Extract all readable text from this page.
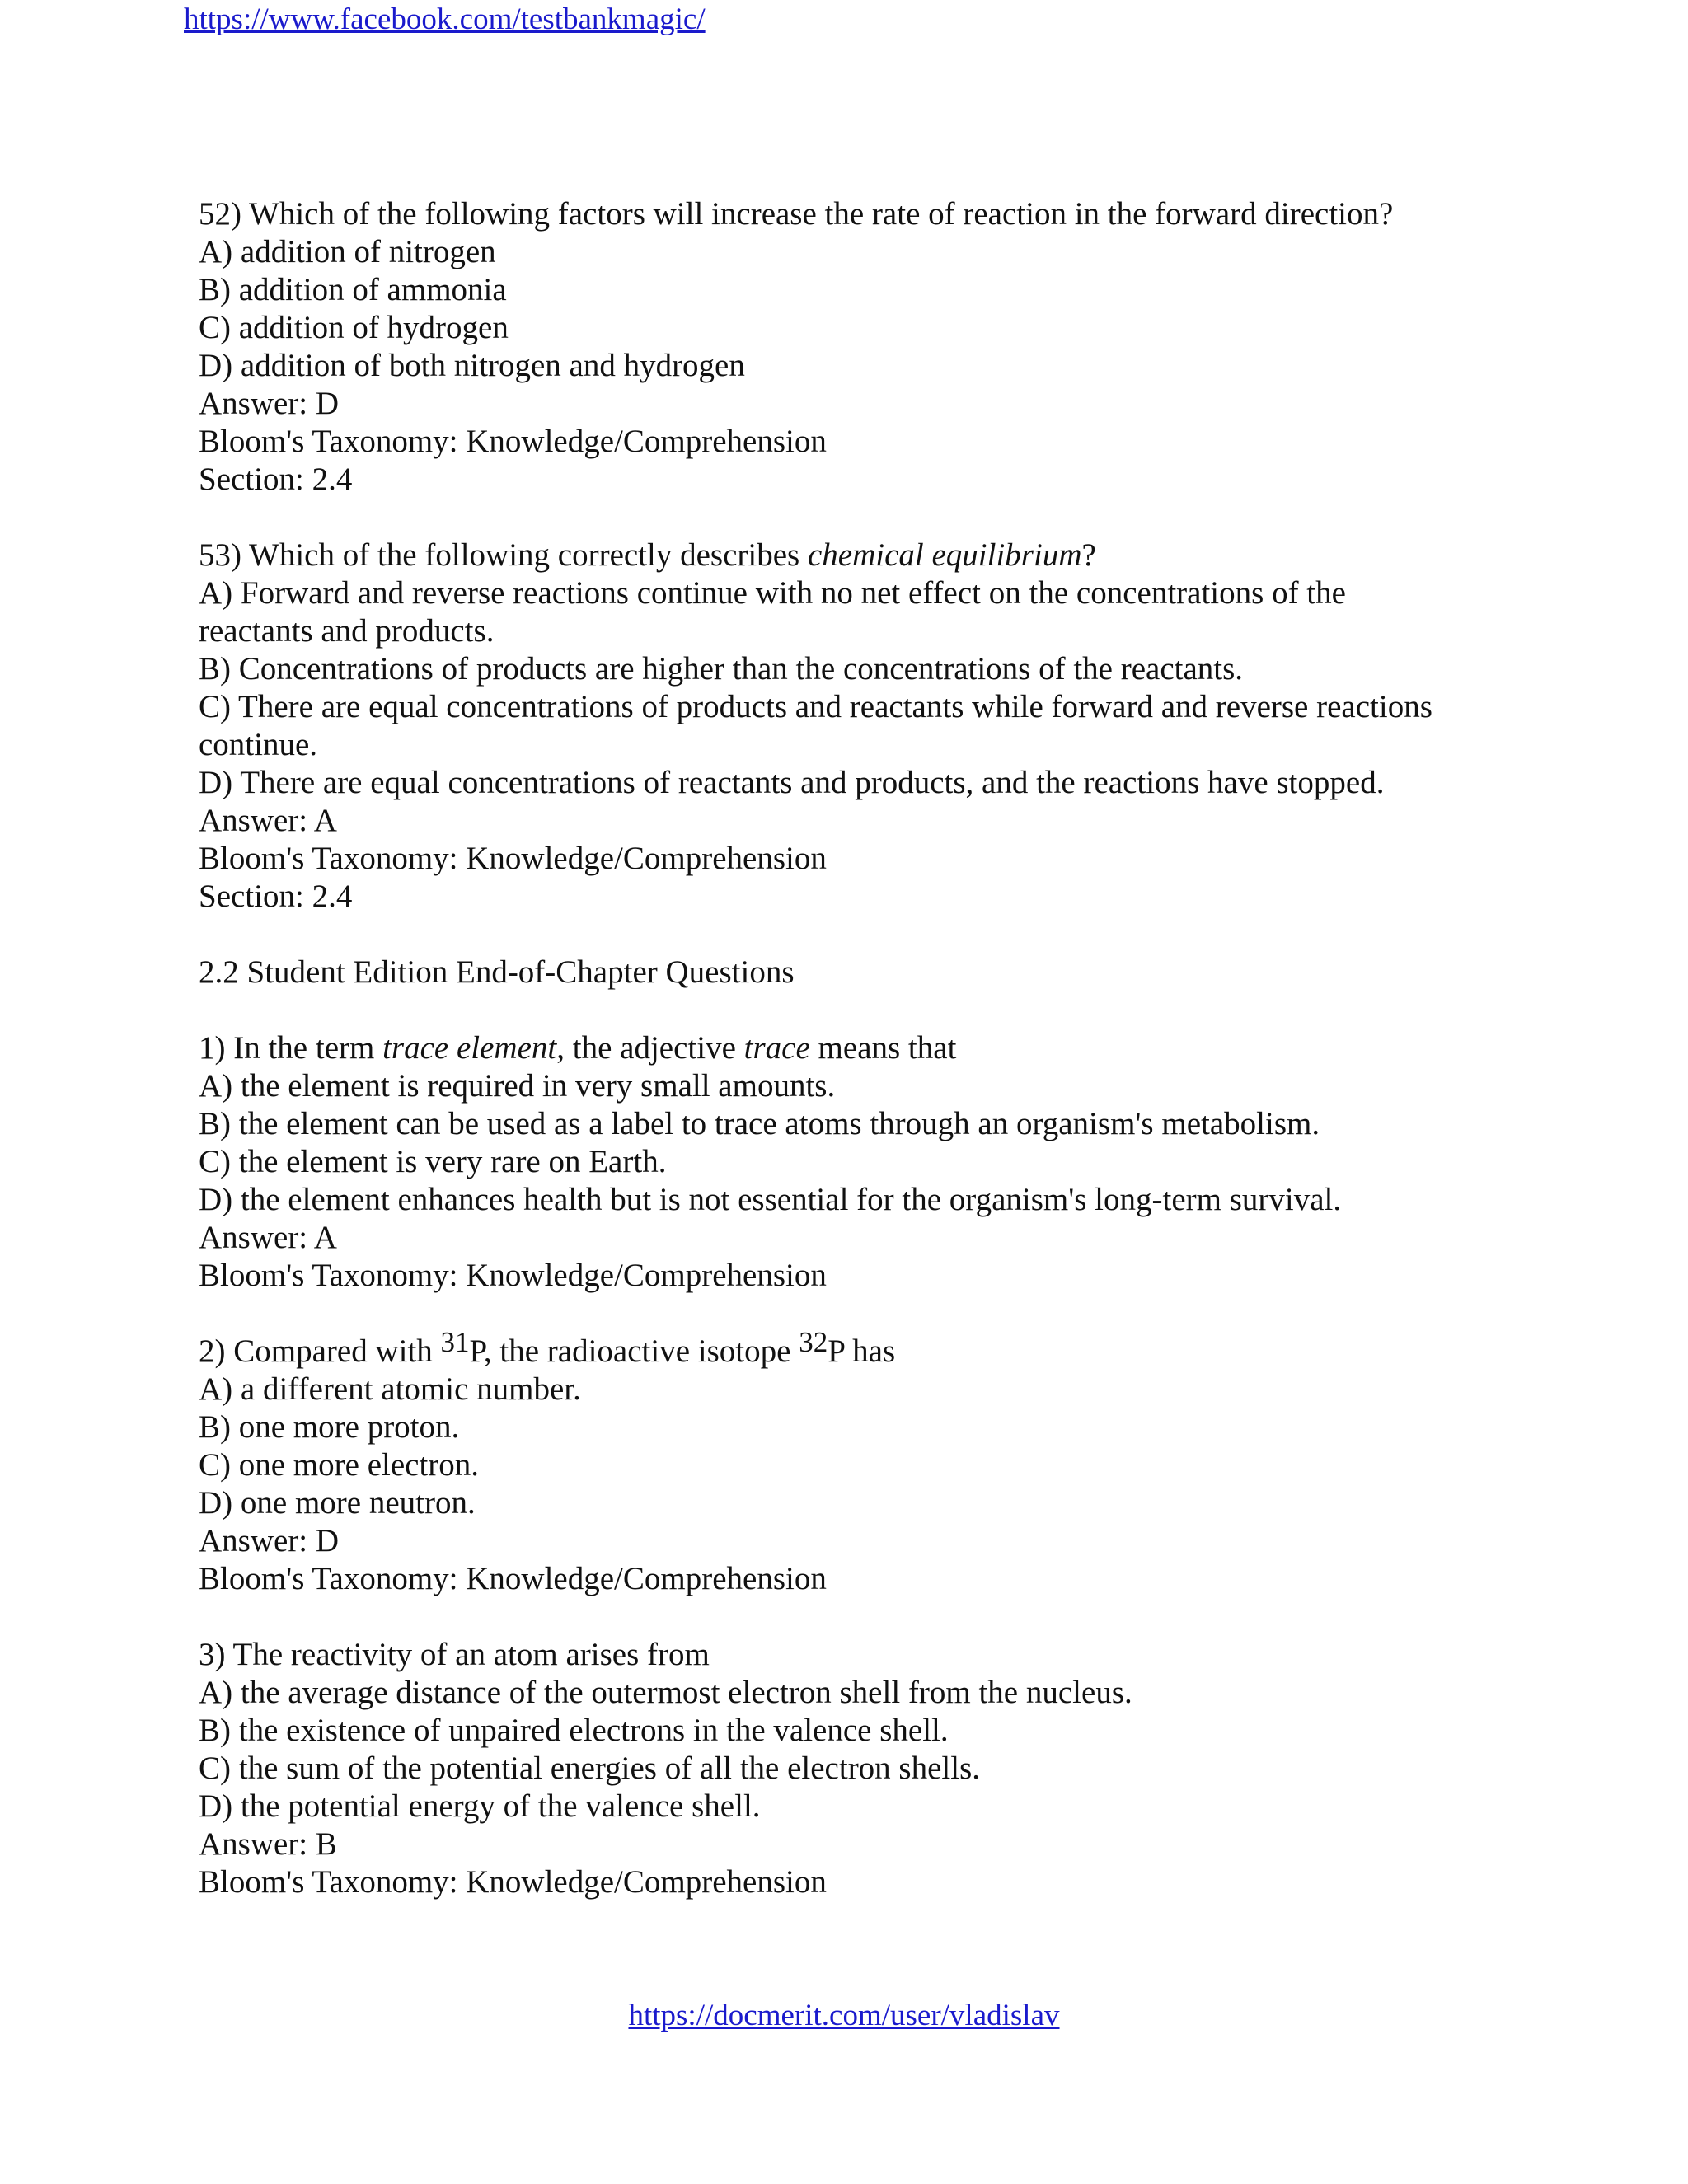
https://www.facebook.com/testbankmagic/
52) Which of the following factors will increase the rate of reaction in the forward direction?
A) addition of nitrogen
B) addition of ammonia
C) addition of hydrogen
D) addition of both nitrogen and hydrogen
Answer: D
Bloom's Taxonomy: Knowledge/Comprehension
Section: 2.4
53) Which of the following correctly describes chemical equilibrium?
A) Forward and reverse reactions continue with no net effect on the concentrations of the
reactants and products.
B) Concentrations of products are higher than the concentrations of the reactants.
C) There are equal concentrations of products and reactants while forward and reverse reactions
continue.
D) There are equal concentrations of reactants and products, and the reactions have stopped.
Answer: A
Bloom's Taxonomy: Knowledge/Comprehension
Section: 2.4
2.2 Student Edition End-of-Chapter Questions
1) In the term trace element, the adjective trace means that
A) the element is required in very small amounts.
B) the element can be used as a label to trace atoms through an organism's metabolism.
C) the element is very rare on Earth.
D) the element enhances health but is not essential for the organism's long-term survival.
Answer: A
Bloom's Taxonomy: Knowledge/Comprehension
2) Compared with 31P, the radioactive isotope 32P has
A) a different atomic number.
B) one more proton.
C) one more electron.
D) one more neutron.
Answer: D
Bloom's Taxonomy: Knowledge/Comprehension
3) The reactivity of an atom arises from
A) the average distance of the outermost electron shell from the nucleus.
B) the existence of unpaired electrons in the valence shell.
C) the sum of the potential energies of all the electron shells.
D) the potential energy of the valence shell.
Answer: B
Bloom's Taxonomy: Knowledge/Comprehension
https://docmerit.com/user/vladislav
